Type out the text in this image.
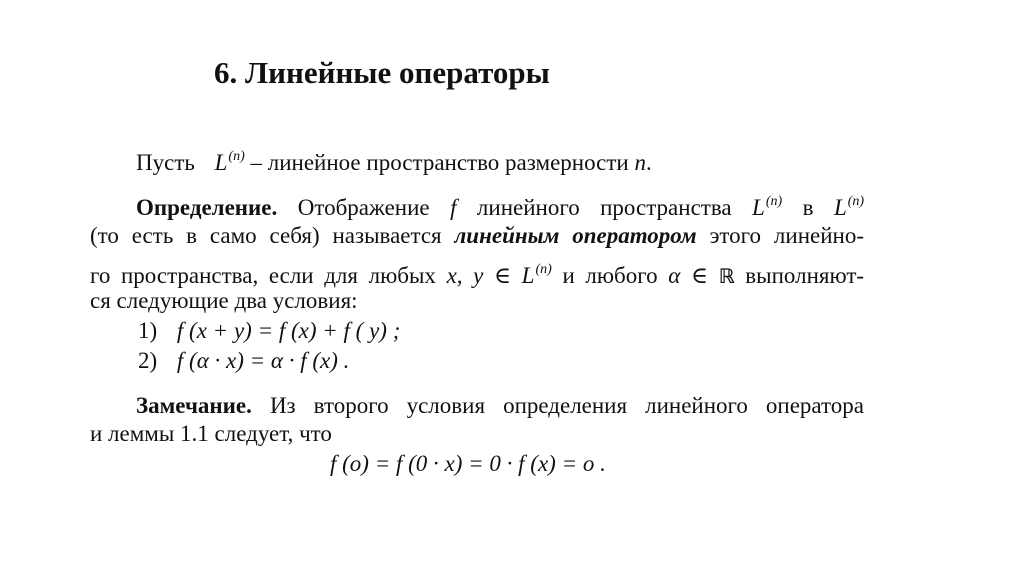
6. Линейные операторы
Пусть $L^{(n)}$ – линейное пространство размерности n.
Определение. Отображение f линейного пространства $L^{(n)}$ в $L^{(n)}$
(то есть в само себя) называется линейным оператором этого линейно-
го пространства, если для любых x, y ∈ $L^{(n)}$ и любого α ∈ ℝ выполняют-
ся следующие два условия:
1) f (x + y) = f (x) + f ( y) ;
2) f (α · x) = α · f (x) .
Замечание. Из второго условия определения линейного оператора
и леммы 1.1 следует, что
f (o) = f (0 · x) = 0 · f (x) = o .
